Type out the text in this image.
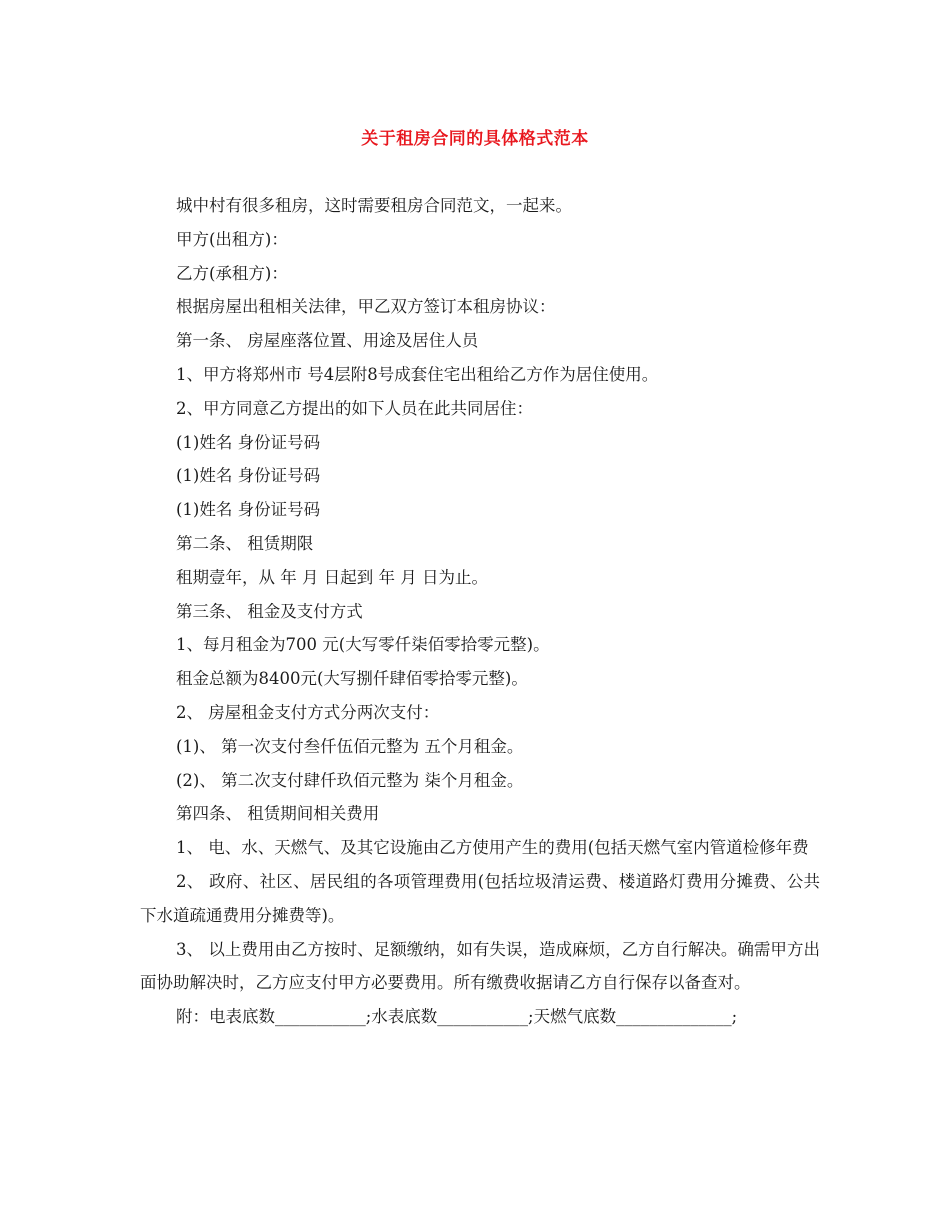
关于租房合同的具体格式范本

城中村有很多租房，这时需要租房合同范文，一起来。

甲方(出租方)：

乙方(承租方)：

根据房屋出租相关法律，甲乙双方签订本租房协议：

第一条、 房屋座落位置、用途及居住人员

1、甲方将郑州市 号4层附8号成套住宅出租给乙方作为居住使用。

2、甲方同意乙方提出的如下人员在此共同居住：

(1)姓名 身份证号码

(1)姓名 身份证号码

(1)姓名 身份证号码

第二条、 租赁期限

租期壹年，从 年 月 日起到 年 月 日为止。

第三条、 租金及支付方式

1、每月租金为700 元(大写零仟柒佰零拾零元整)。

租金总额为8400元(大写捌仟肆佰零拾零元整)。

2、 房屋租金支付方式分两次支付：

(1)、 第一次支付叁仟伍佰元整为 五个月租金。

(2)、 第二次支付肆仟玖佰元整为 柒个月租金。

第四条、 租赁期间相关费用

1、 电、水、天燃气、及其它设施由乙方使用产生的费用(包括天燃气室内管道检修年费

2、 政府、社区、居民组的各项管理费用(包括垃圾清运费、楼道路灯费用分摊费、公共下水道疏通费用分摊费等)。

3、 以上费用由乙方按时、足额缴纳，如有失误，造成麻烦，乙方自行解决。确需甲方出面协助解决时，乙方应支付甲方必要费用。所有缴费收据请乙方自行保存以备查对。

附：电表底数___________;水表底数___________;天燃气底数______________;
